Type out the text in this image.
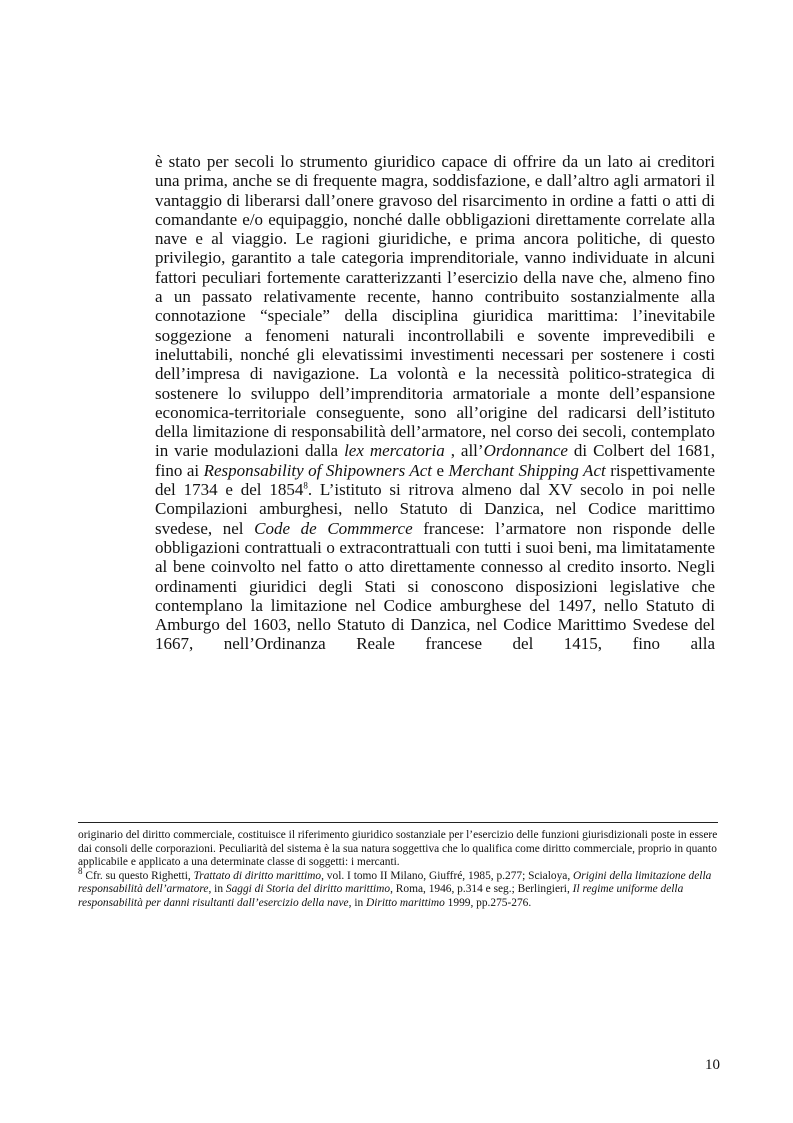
è stato per secoli lo strumento giuridico capace di offrire da un lato ai creditori una prima, anche se di frequente magra, soddisfazione, e dall’altro agli armatori il vantaggio di liberarsi dall’onere gravoso del risarcimento in ordine a fatti o atti di comandante e/o equipaggio, nonché dalle obbligazioni direttamente correlate alla nave e al viaggio. Le ragioni giuridiche, e prima ancora politiche, di questo privilegio, garantito a tale categoria imprenditoriale, vanno individuate in alcuni fattori peculiari fortemente caratterizzanti l’esercizio della nave che, almeno fino a un passato relativamente recente, hanno contribuito sostanzialmente alla connotazione “speciale” della disciplina giuridica marittima: l’inevitabile soggezione a fenomeni naturali incontrollabili e sovente imprevedibili e ineluttabili, nonché gli elevatissimi investimenti necessari per sostenere i costi dell’impresa di navigazione. La volontà e la necessità politico-strategica di sostenere lo sviluppo dell’imprenditoria armatoriale a monte dell’espansione economica-territoriale conseguente, sono all’origine del radicarsi dell’istituto della limitazione di responsabilità dell’armatore, nel corso dei secoli, contemplato in varie modulazioni dalla lex mercatoria , all’Ordonnance di Colbert del 1681, fino ai Responsability of Shipowners Act e Merchant Shipping Act rispettivamente del 1734 e del 1854$^8$. L’istituto si ritrova almeno dal XV secolo in poi nelle Compilazioni amburghesi, nello Statuto di Danzica, nel Codice marittimo svedese, nel Code de Commmerce francese: l’armatore non risponde delle obbligazioni contrattuali o extracontrattuali con tutti i suoi beni, ma limitatamente al bene coinvolto nel fatto o atto direttamente connesso al credito insorto. Negli ordinamenti giuridici degli Stati si conoscono disposizioni legislative che contemplano la limitazione nel Codice amburghese del 1497, nello Statuto di Amburgo del 1603, nello Statuto di Danzica, nel Codice Marittimo Svedese del 1667, nell’Ordinanza Reale francese del 1415, fino alla

originario del diritto commerciale, costituisce il riferimento giuridico sostanziale per l’esercizio delle funzioni giurisdizionali poste in essere dai consoli delle corporazioni. Peculiarità del sistema è la sua natura soggettiva che lo qualifica come diritto commerciale, proprio in quanto applicabile e applicato a una determinate classe di soggetti: i mercanti.

$^8$ Cfr. su questo Righetti, Trattato di diritto marittimo, vol. I tomo II Milano, Giuffré, 1985, p.277; Scialoya, Origini della limitazione della responsabilità dell’armatore, in Saggi di Storia del diritto marittimo, Roma, 1946, p.314 e seg.; Berlingieri, Il regime uniforme della responsabilità per danni risultanti dall’esercizio della nave, in Diritto marittimo 1999, pp.275-276.

10
